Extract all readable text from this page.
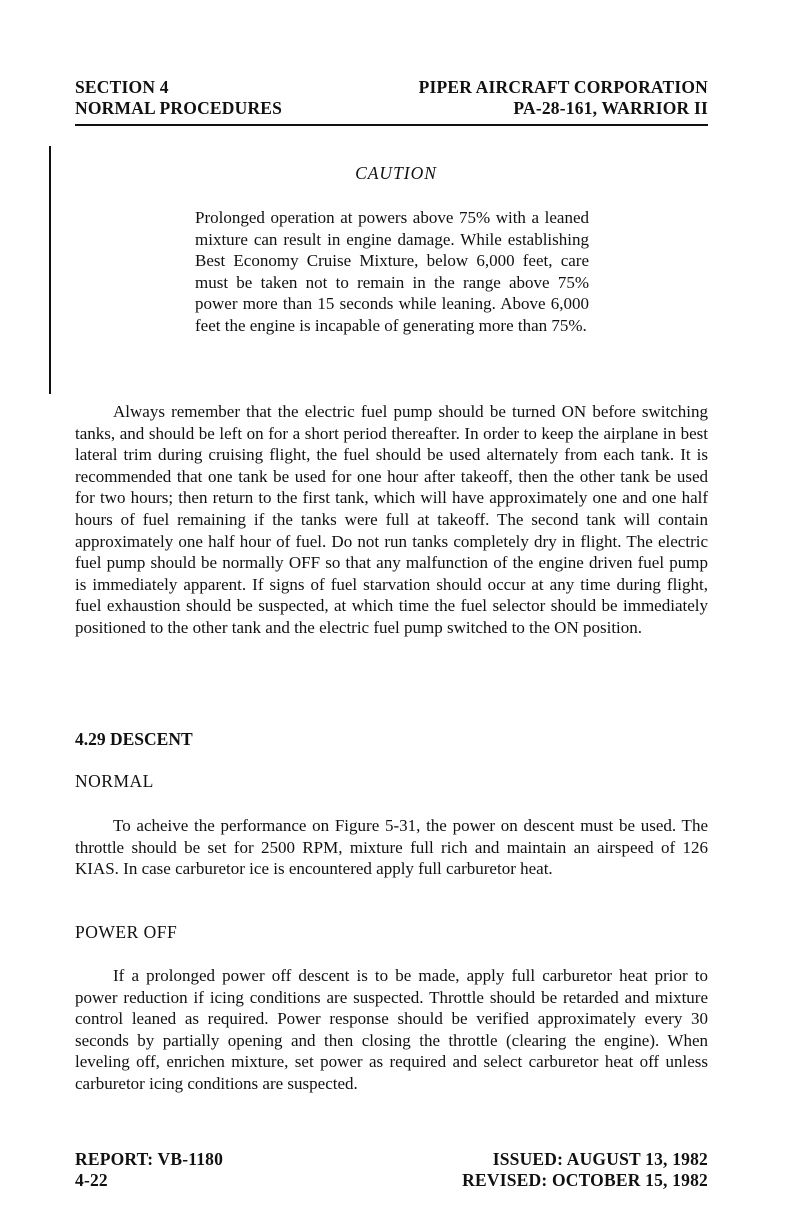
SECTION 4	PIPER AIRCRAFT CORPORATION
NORMAL PROCEDURES	PA-28-161, WARRIOR II
CAUTION
Prolonged operation at powers above 75% with a leaned mixture can result in engine damage. While establishing Best Economy Cruise Mixture, below 6,000 feet, care must be taken not to remain in the range above 75% power more than 15 seconds while leaning. Above 6,000 feet the engine is incapable of generating more than 75%.
Always remember that the electric fuel pump should be turned ON before switching tanks, and should be left on for a short period thereafter. In order to keep the airplane in best lateral trim during cruising flight, the fuel should be used alternately from each tank. It is recommended that one tank be used for one hour after takeoff, then the other tank be used for two hours; then return to the first tank, which will have approximately one and one half hours of fuel remaining if the tanks were full at takeoff. The second tank will contain approximately one half hour of fuel. Do not run tanks completely dry in flight. The electric fuel pump should be normally OFF so that any malfunction of the engine driven fuel pump is immediately apparent. If signs of fuel starvation should occur at any time during flight, fuel exhaustion should be suspected, at which time the fuel selector should be immediately positioned to the other tank and the electric fuel pump switched to the ON position.
4.29 DESCENT
NORMAL
To acheive the performance on Figure 5-31, the power on descent must be used. The throttle should be set for 2500 RPM, mixture full rich and maintain an airspeed of 126 KIAS. In case carburetor ice is encountered apply full carburetor heat.
POWER OFF
If a prolonged power off descent is to be made, apply full carburetor heat prior to power reduction if icing conditions are suspected. Throttle should be retarded and mixture control leaned as required. Power response should be verified approximately every 30 seconds by partially opening and then closing the throttle (clearing the engine). When leveling off, enrichen mixture, set power as required and select carburetor heat off unless carburetor icing conditions are suspected.
REPORT: VB-1180	ISSUED: AUGUST 13, 1982
4-22	REVISED: OCTOBER 15, 1982
